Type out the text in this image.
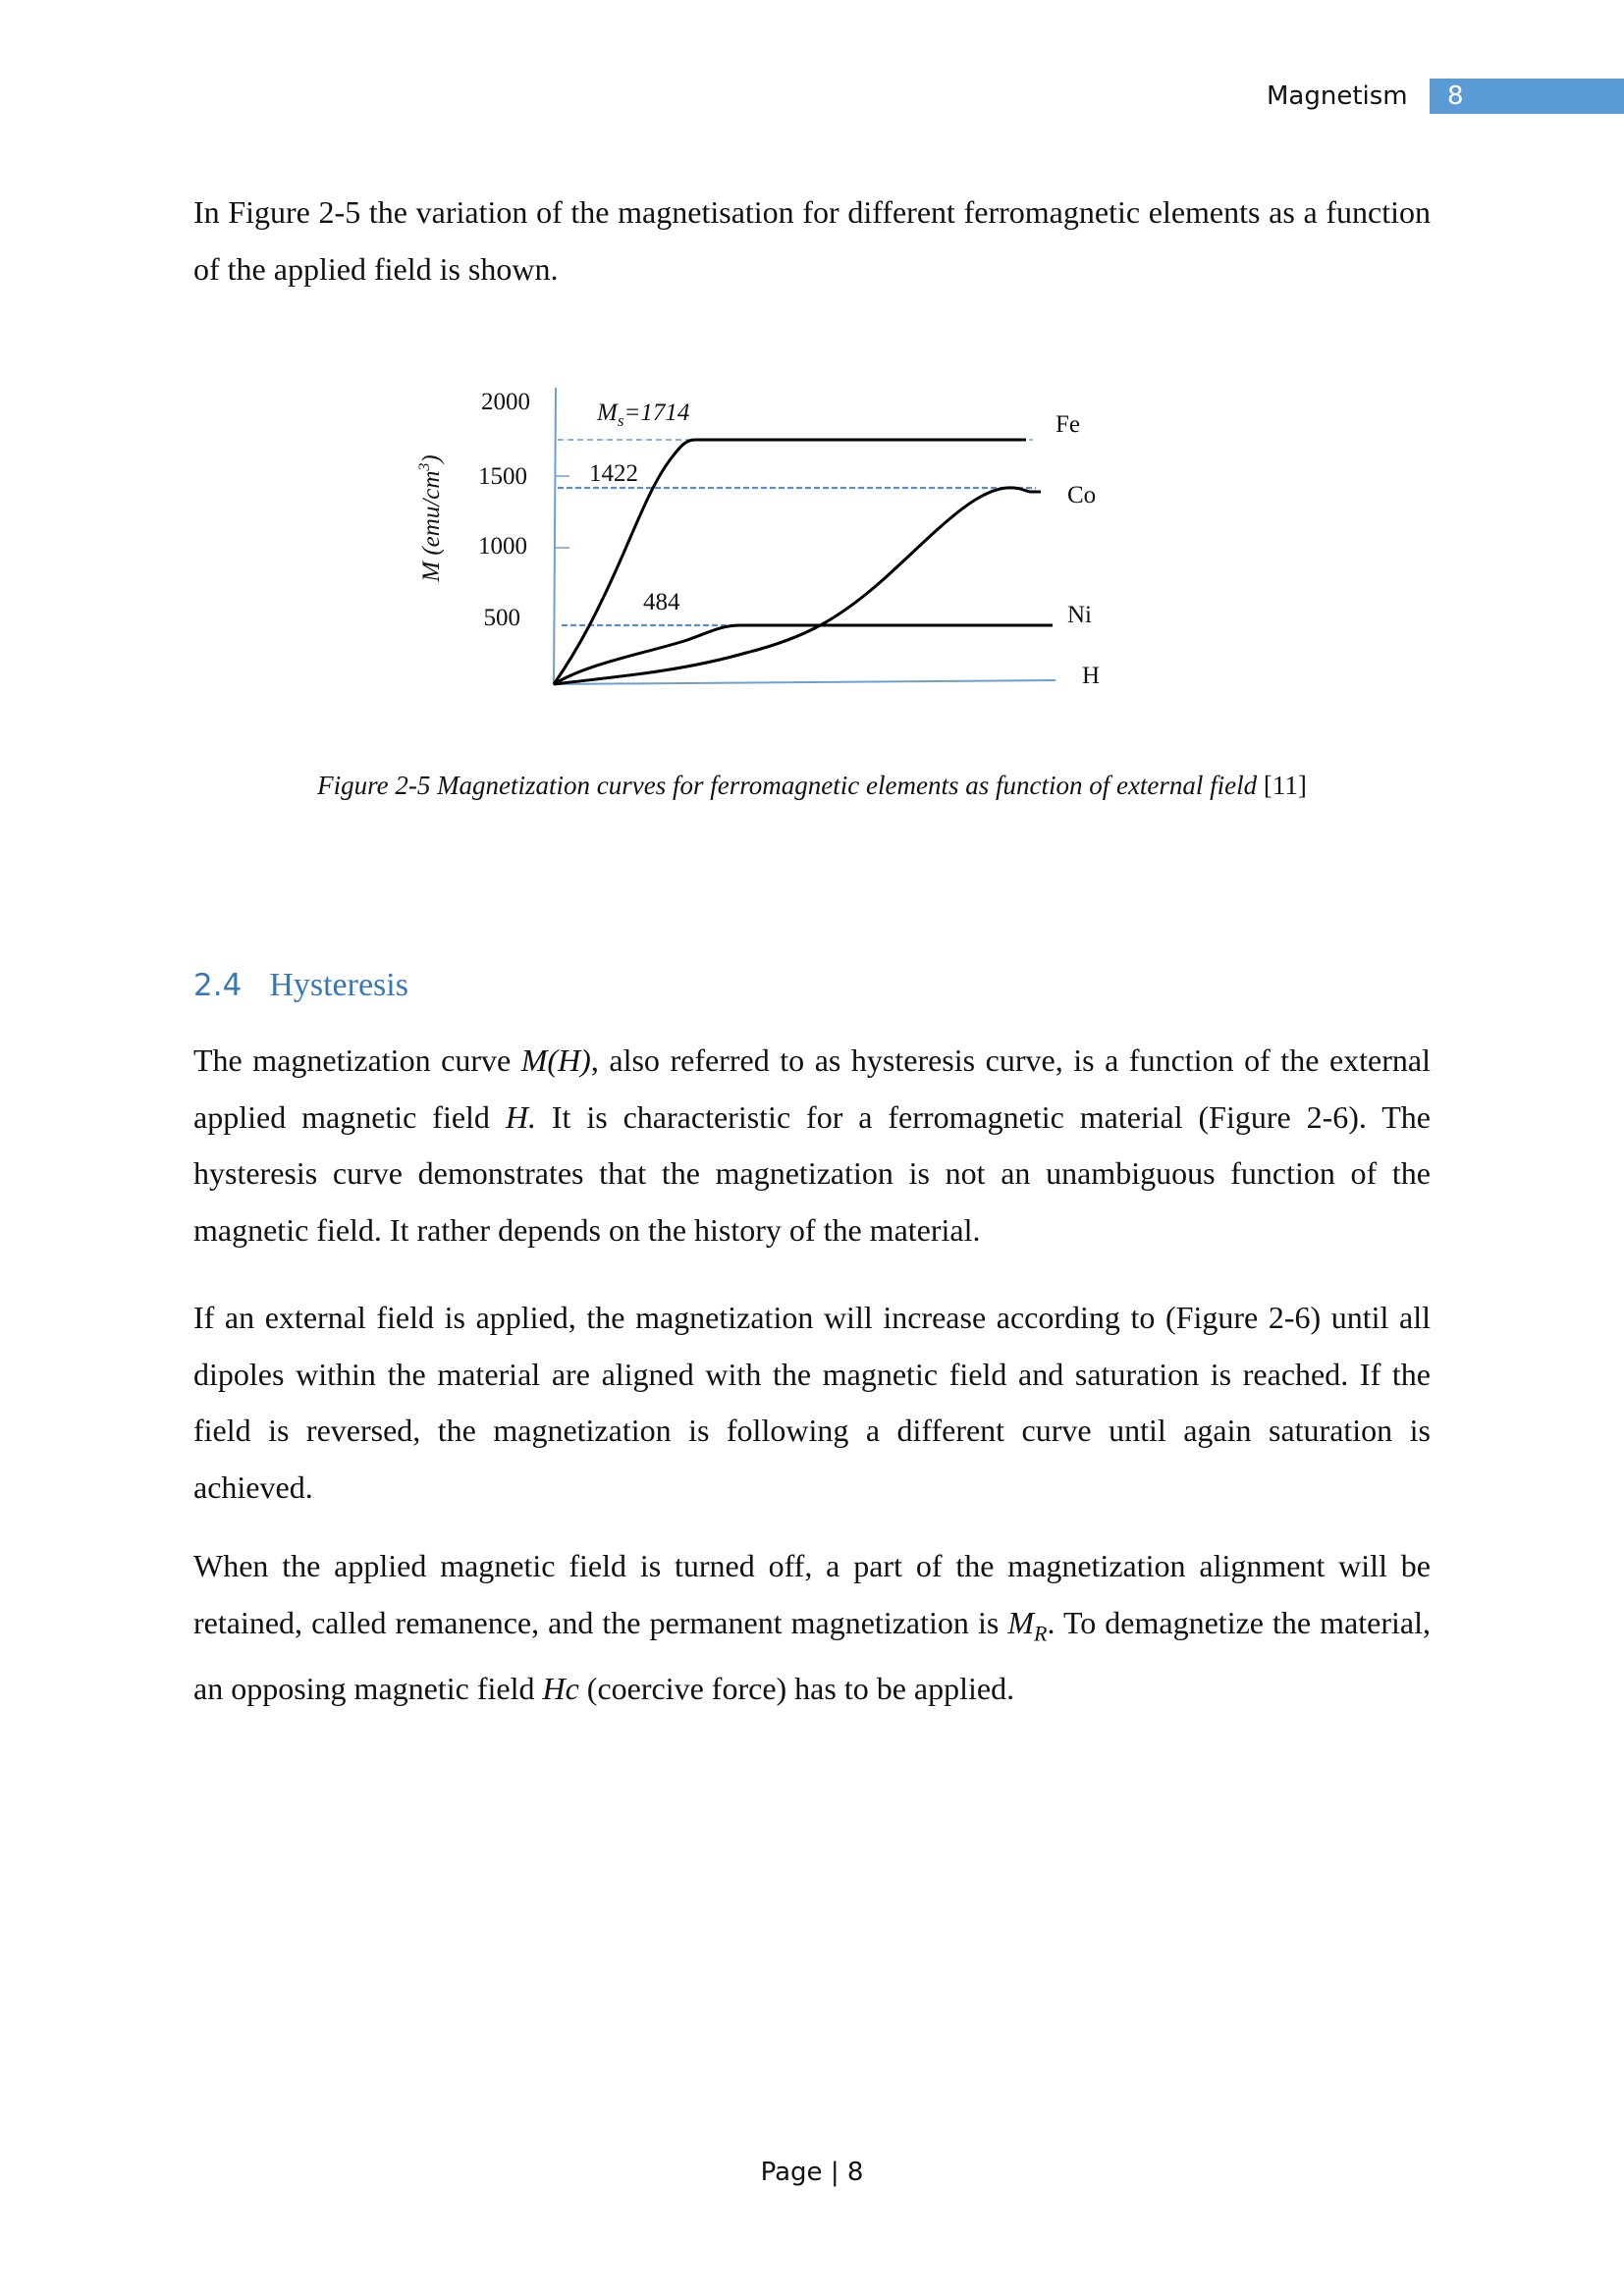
Magnetism 8
In Figure 2-5 the variation of the magnetisation for different ferromagnetic elements as a function of the applied field is shown.
M $(emu/cm^3)$
2000
1500
1000
500
$M_s=1714$
1422
484
Fe
Co
Ni
H
Figure 2-5 Magnetization curves for ferromagnetic elements as function of external field [11]
2.4 Hysteresis
The magnetization curve M(H), also referred to as hysteresis curve, is a function of the external applied magnetic field H. It is characteristic for a ferromagnetic material (Figure 2-6). The hysteresis curve demonstrates that the magnetization is not an unambiguous function of the magnetic field. It rather depends on the history of the material.
If an external field is applied, the magnetization will increase according to (Figure 2-6) until all dipoles within the material are aligned with the magnetic field and saturation is reached. If the field is reversed, the magnetization is following a different curve until again saturation is achieved.
When the applied magnetic field is turned off, a part of the magnetization alignment will be retained, called remanence, and the permanent magnetization is $M_R$. To demagnetize the material, an opposing magnetic field Hc (coercive force) has to be applied.
Page | 8
